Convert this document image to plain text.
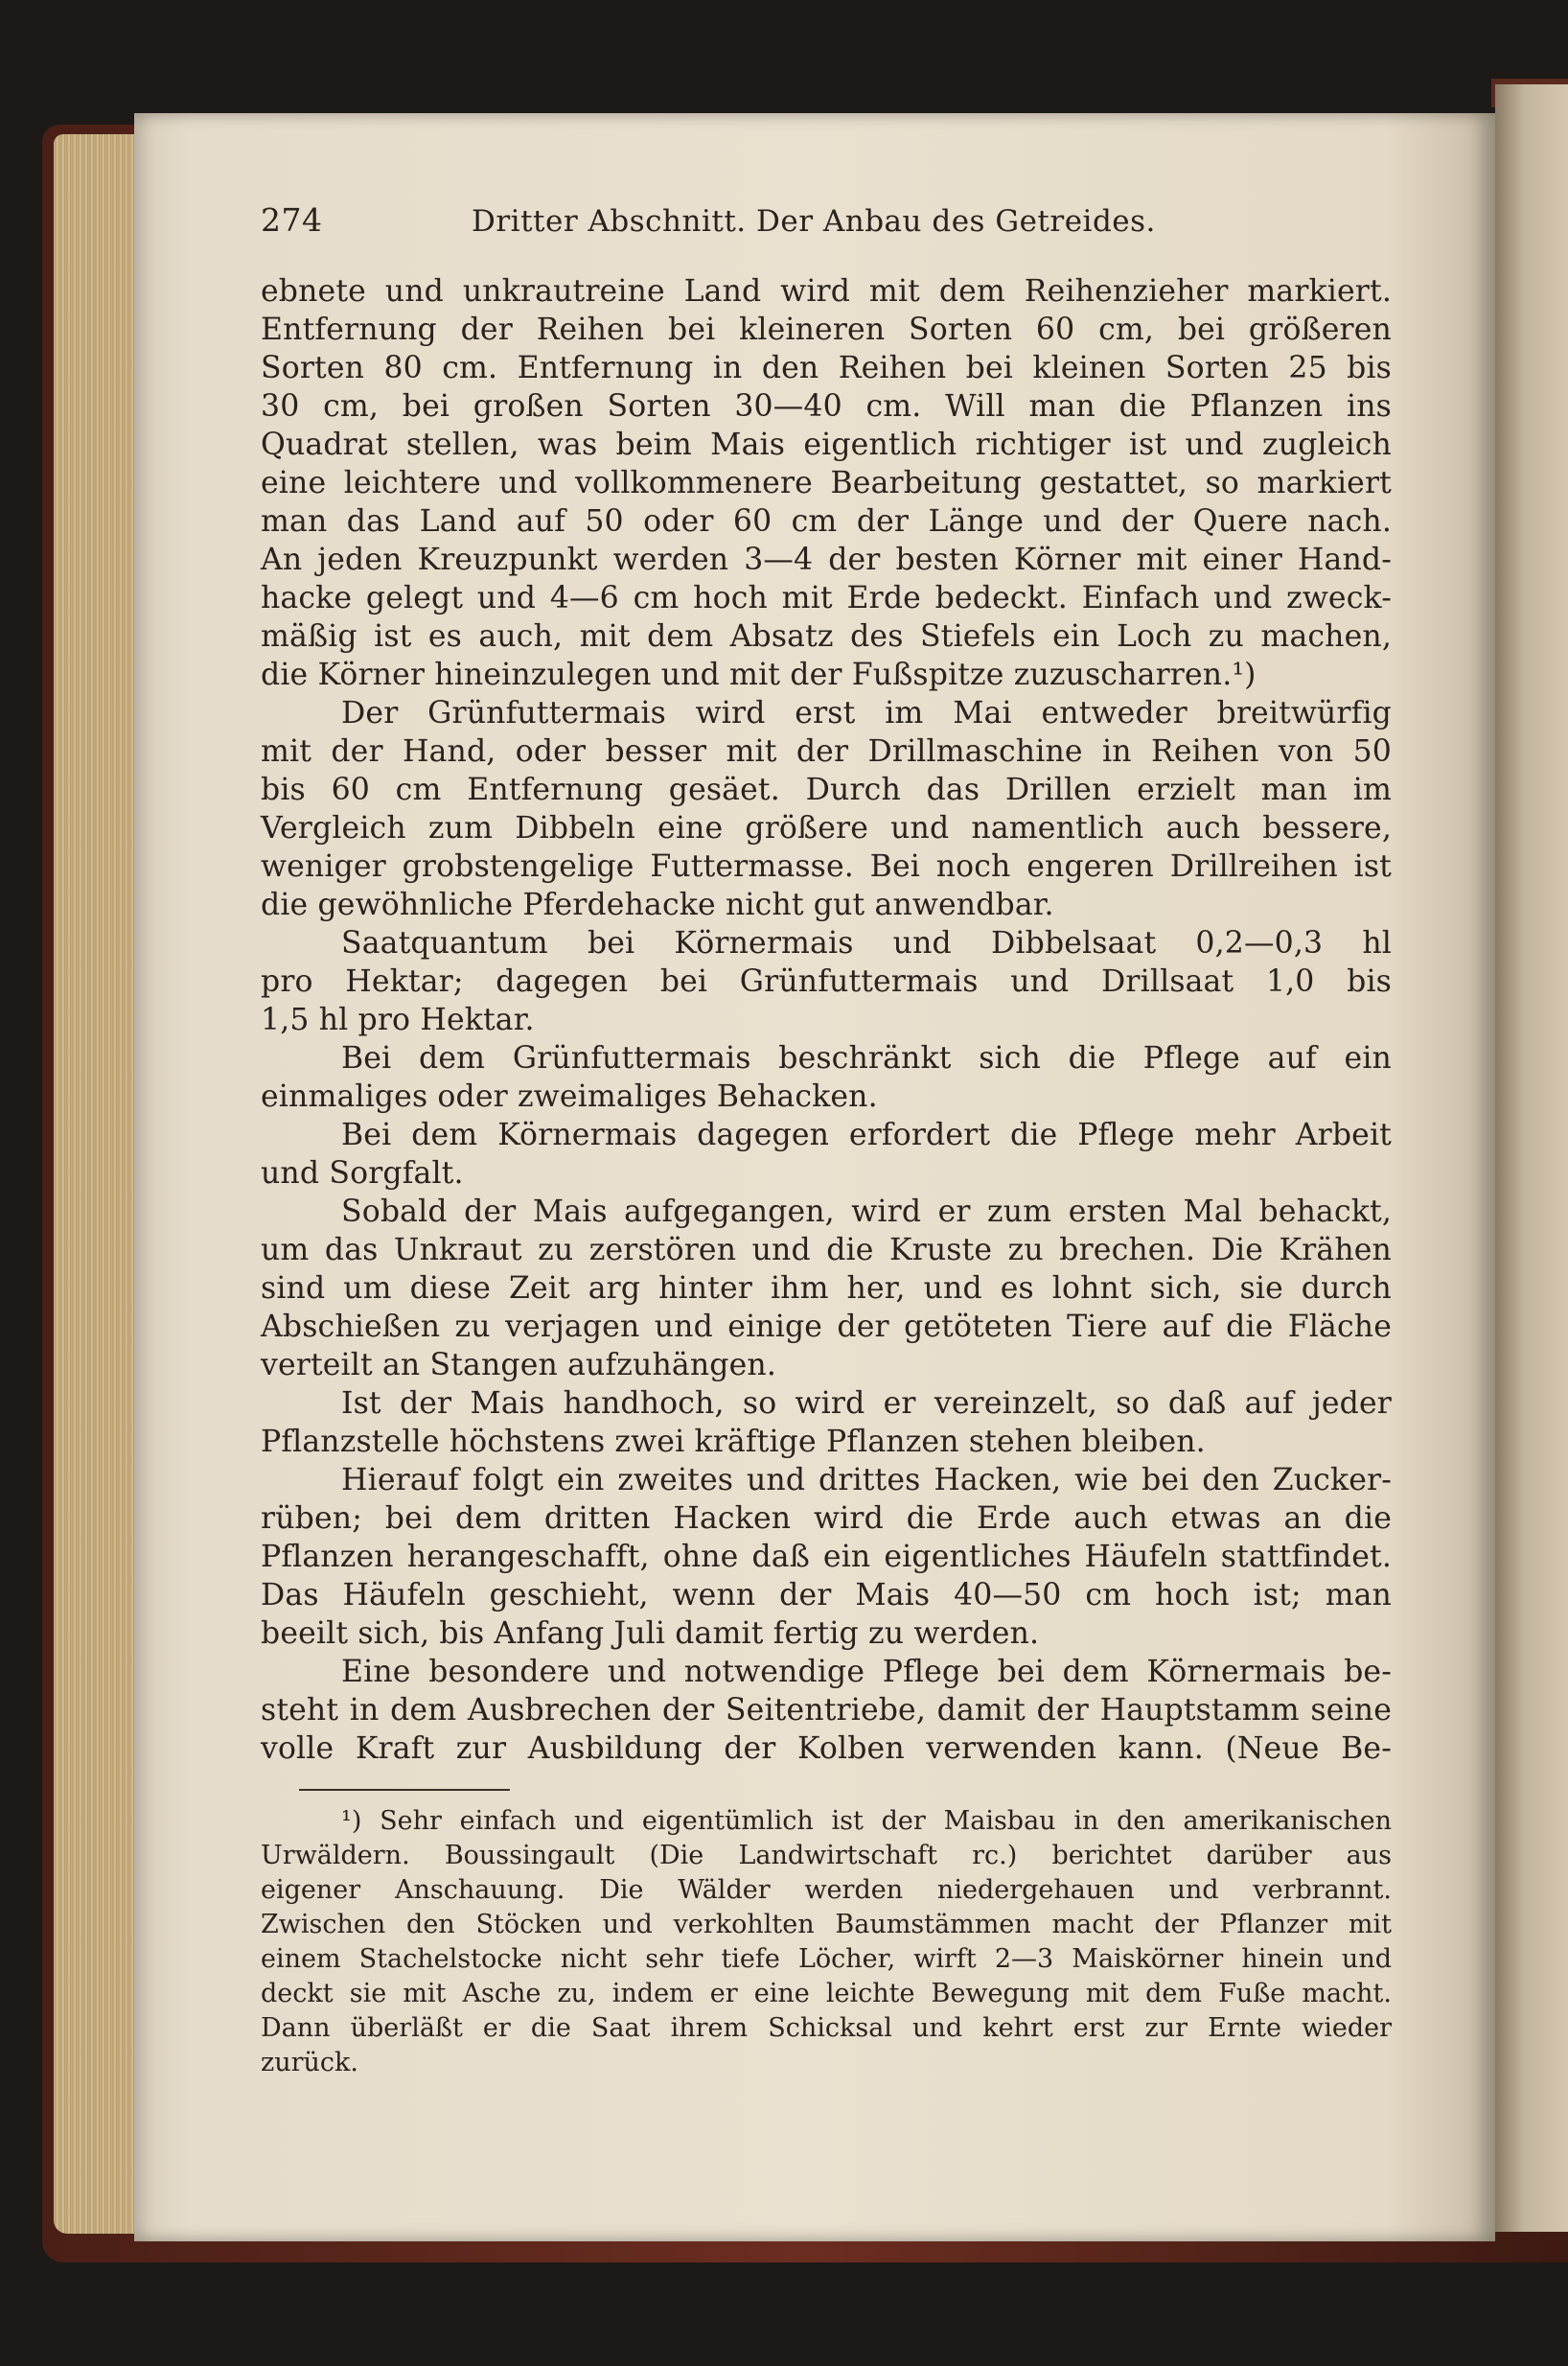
274	Dritter Abschnitt. Der Anbau des Getreides.
ebnete und unkrautreine Land wird mit dem Reihenzieher markiert.
Entfernung der Reihen bei kleineren Sorten 60 cm, bei größeren
Sorten 80 cm. Entfernung in den Reihen bei kleinen Sorten 25 bis
30 cm, bei großen Sorten 30—40 cm. Will man die Pflanzen ins
Quadrat stellen, was beim Mais eigentlich richtiger ist und zugleich
eine leichtere und vollkommenere Bearbeitung gestattet, so markiert
man das Land auf 50 oder 60 cm der Länge und der Quere nach.
An jeden Kreuzpunkt werden 3—4 der besten Körner mit einer Hand-
hacke gelegt und 4—6 cm hoch mit Erde bedeckt. Einfach und zweck-
mäßig ist es auch, mit dem Absatz des Stiefels ein Loch zu machen,
die Körner hineinzulegen und mit der Fußspitze zuzuscharren.¹)
Der Grünfuttermais wird erst im Mai entweder breitwürfig
mit der Hand, oder besser mit der Drillmaschine in Reihen von 50
bis 60 cm Entfernung gesäet. Durch das Drillen erzielt man im
Vergleich zum Dibbeln eine größere und namentlich auch bessere,
weniger grobstengelige Futtermasse. Bei noch engeren Drillreihen ist
die gewöhnliche Pferdehacke nicht gut anwendbar.
Saatquantum bei Körnermais und Dibbelsaat 0,2—0,3 hl
pro Hektar; dagegen bei Grünfuttermais und Drillsaat 1,0 bis
1,5 hl pro Hektar.
Bei dem Grünfuttermais beschränkt sich die Pflege auf ein
einmaliges oder zweimaliges Behacken.
Bei dem Körnermais dagegen erfordert die Pflege mehr Arbeit
und Sorgfalt.
Sobald der Mais aufgegangen, wird er zum ersten Mal behackt,
um das Unkraut zu zerstören und die Kruste zu brechen. Die Krähen
sind um diese Zeit arg hinter ihm her, und es lohnt sich, sie durch
Abschießen zu verjagen und einige der getöteten Tiere auf die Fläche
verteilt an Stangen aufzuhängen.
Ist der Mais handhoch, so wird er vereinzelt, so daß auf jeder
Pflanzstelle höchstens zwei kräftige Pflanzen stehen bleiben.
Hierauf folgt ein zweites und drittes Hacken, wie bei den Zucker-
rüben; bei dem dritten Hacken wird die Erde auch etwas an die
Pflanzen herangeschafft, ohne daß ein eigentliches Häufeln stattfindet.
Das Häufeln geschieht, wenn der Mais 40—50 cm hoch ist; man
beeilt sich, bis Anfang Juli damit fertig zu werden.
Eine besondere und notwendige Pflege bei dem Körnermais be-
steht in dem Ausbrechen der Seitentriebe, damit der Hauptstamm seine
volle Kraft zur Ausbildung der Kolben verwenden kann. (Neue Be-
¹) Sehr einfach und eigentümlich ist der Maisbau in den amerikanischen
Urwäldern. Boussingault (Die Landwirtschaft rc.) berichtet darüber aus
eigener Anschauung. Die Wälder werden niedergehauen und verbrannt.
Zwischen den Stöcken und verkohlten Baumstämmen macht der Pflanzer mit
einem Stachelstocke nicht sehr tiefe Löcher, wirft 2—3 Maiskörner hinein und
deckt sie mit Asche zu, indem er eine leichte Bewegung mit dem Fuße macht.
Dann überläßt er die Saat ihrem Schicksal und kehrt erst zur Ernte wieder
zurück.
